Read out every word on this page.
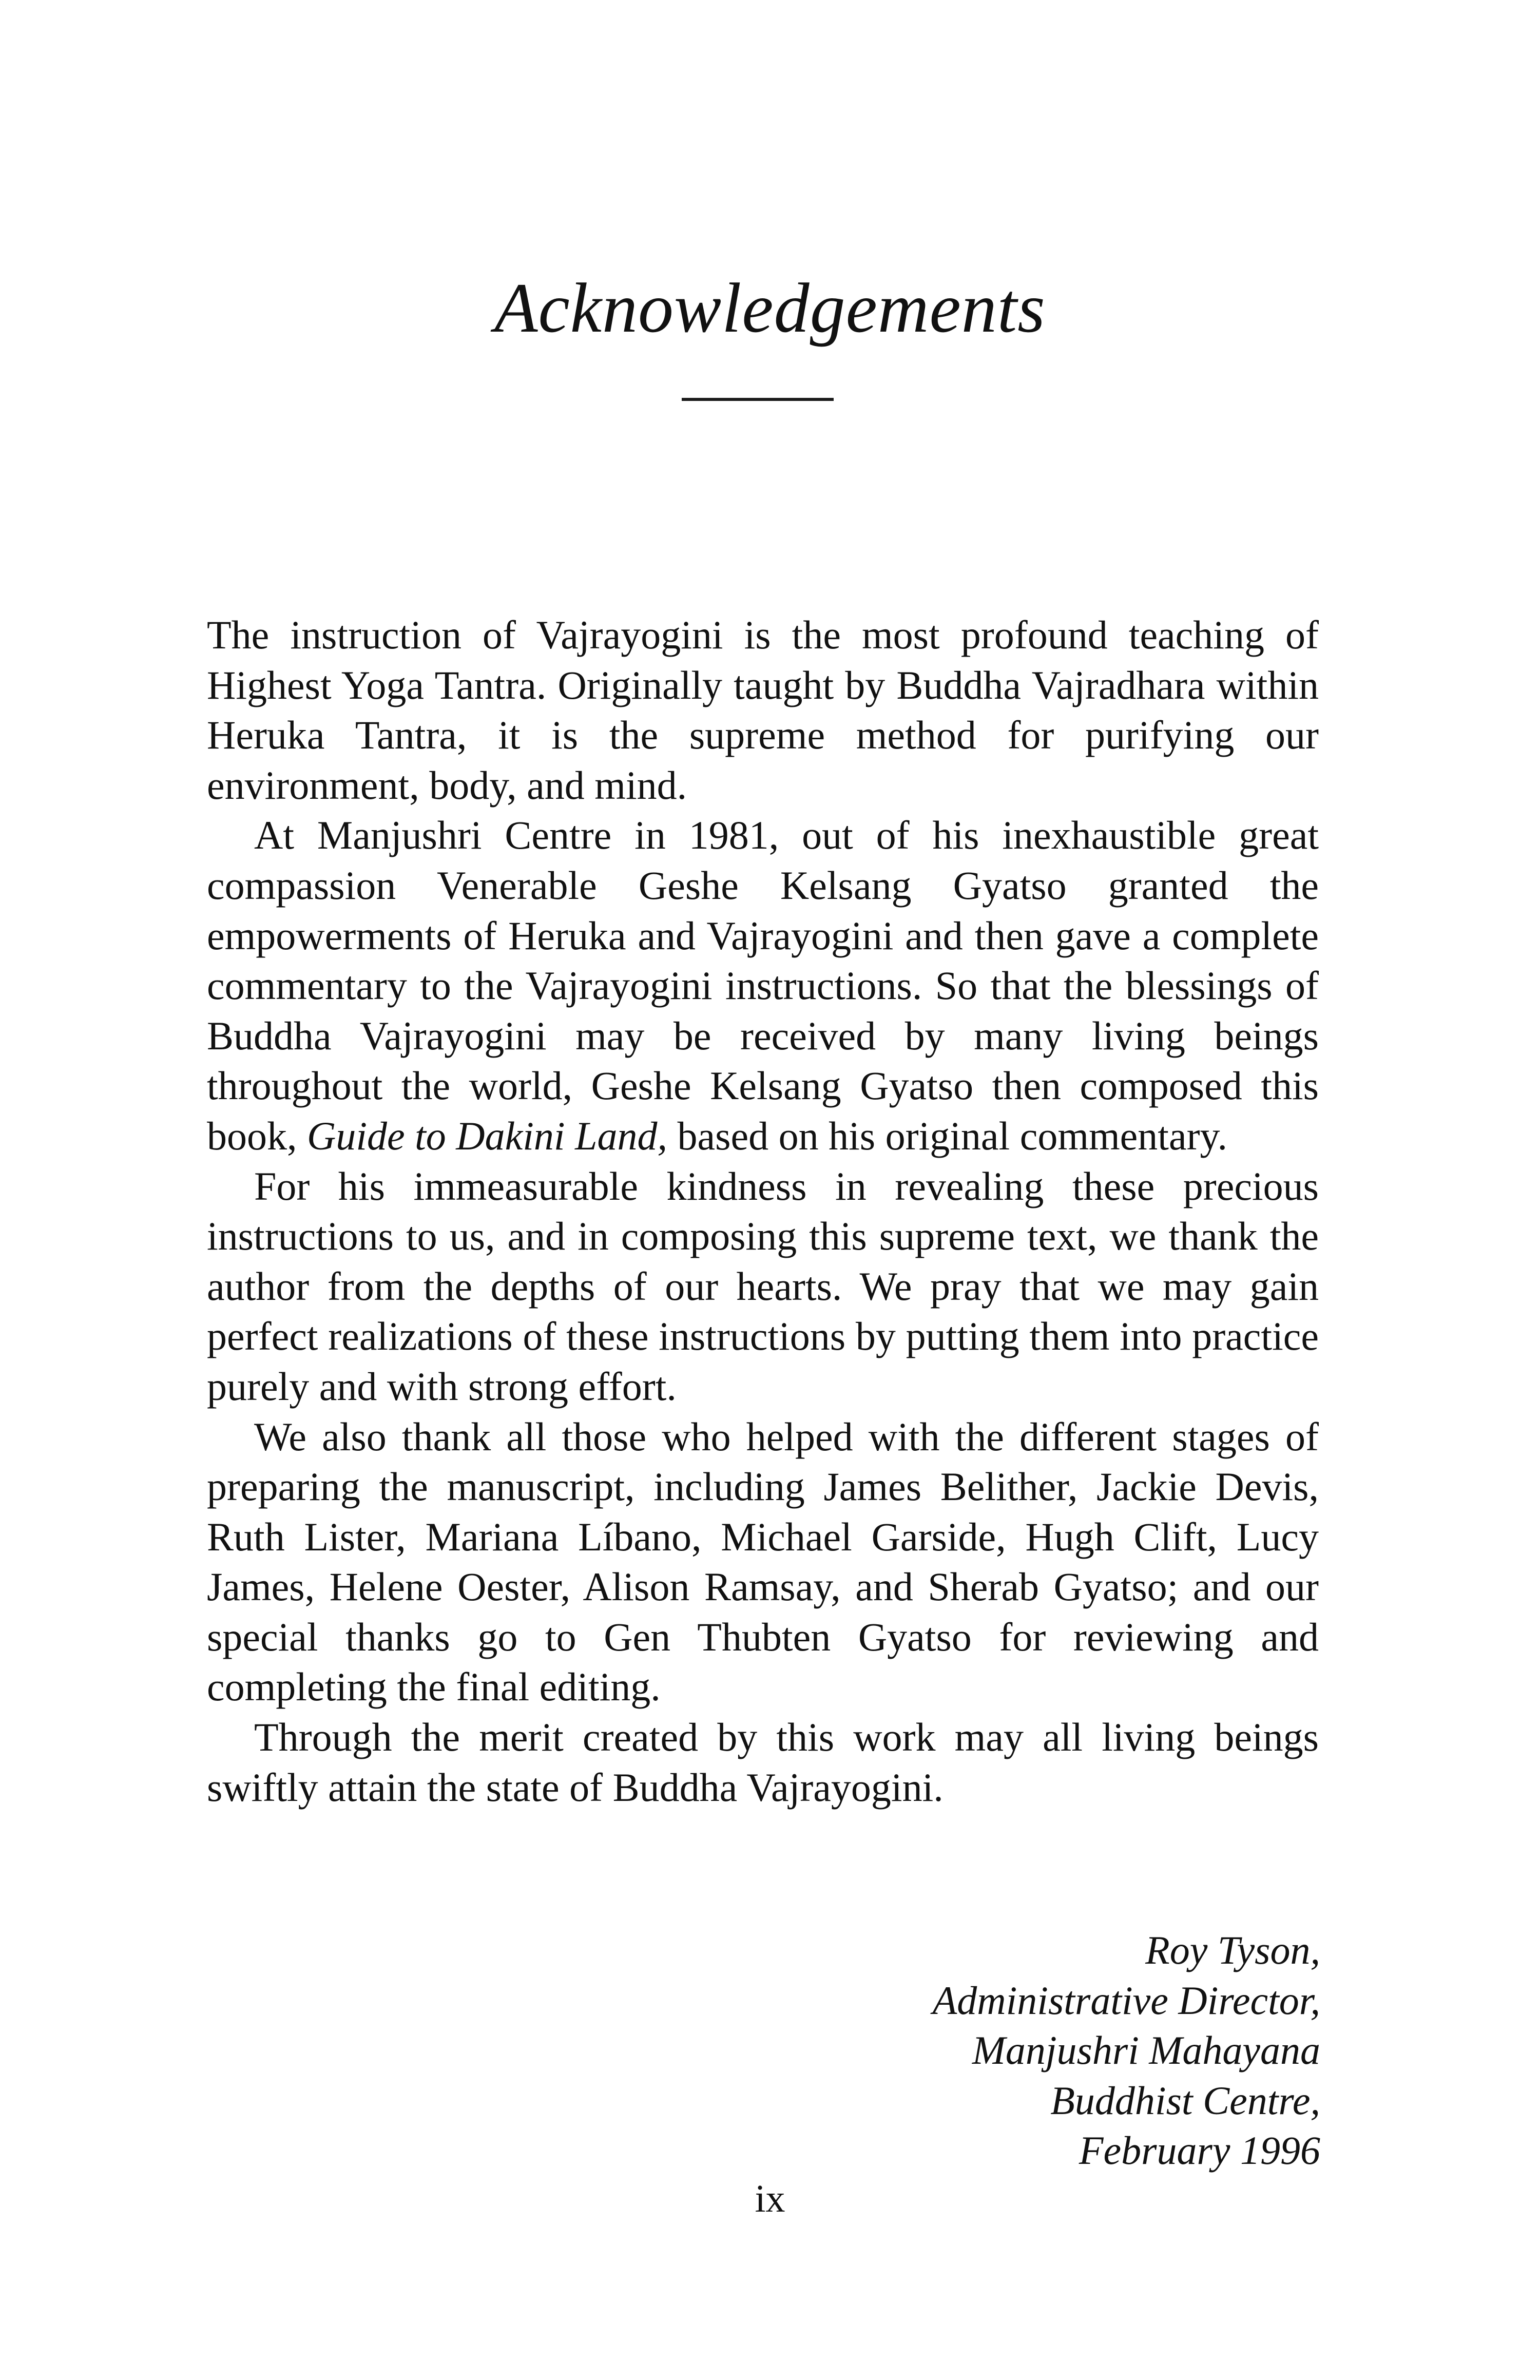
Acknowledgements

The instruction of Vajrayogini is the most profound teaching of Highest Yoga Tantra. Originally taught by Buddha Vajradhara within Heruka Tantra, it is the supreme method for purifying our environment, body, and mind.

At Manjushri Centre in 1981, out of his inexhaustible great compassion Venerable Geshe Kelsang Gyatso granted the empowerments of Heruka and Vajrayogini and then gave a complete commentary to the Vajrayogini instructions. So that the blessings of Buddha Vajrayogini may be received by many living beings throughout the world, Geshe Kelsang Gyatso then composed this book, Guide to Dakini Land, based on his original commentary.

For his immeasurable kindness in revealing these precious instructions to us, and in composing this supreme text, we thank the author from the depths of our hearts. We pray that we may gain perfect realizations of these instructions by putting them into practice purely and with strong effort.

We also thank all those who helped with the different stages of preparing the manuscript, including James Belither, Jackie Devis, Ruth Lister, Mariana Líbano, Michael Garside, Hugh Clift, Lucy James, Helene Oester, Alison Ramsay, and Sherab Gyatso; and our special thanks go to Gen Thubten Gyatso for reviewing and completing the final editing.

Through the merit created by this work may all living beings swiftly attain the state of Buddha Vajrayogini.

Roy Tyson,
Administrative Director,
Manjushri Mahayana
Buddhist Centre,
February 1996
ix
